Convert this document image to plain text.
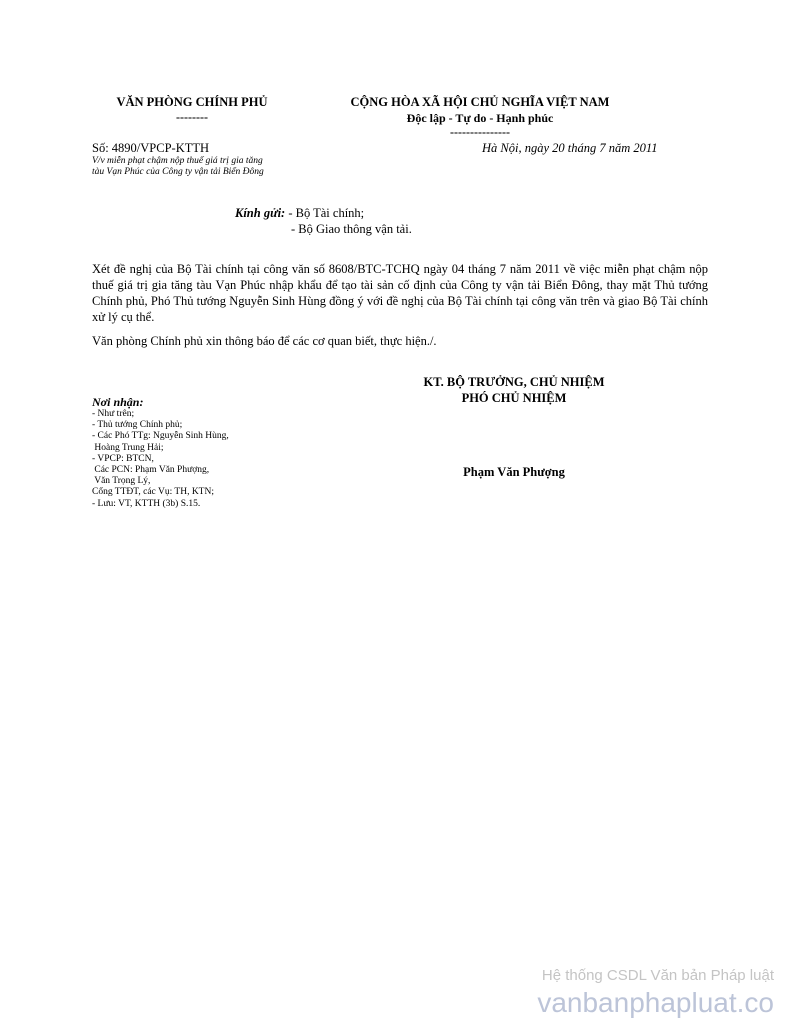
VĂN PHÒNG CHÍNH PHỦ
--------
CỘNG HÒA XÃ HỘI CHỦ NGHĨA VIỆT NAM
Độc lập - Tự do - Hạnh phúc
---------------
Số: 4890/VPCP-KTTH
V/v miễn phạt chậm nộp thuế giá trị gia tăng
tàu Vạn Phúc của Công ty vận tải Biển Đông
Hà Nội, ngày 20 tháng 7 năm 2011
Kính gửi: - Bộ Tài chính;
- Bộ Giao thông vận tải.

Xét đề nghị của Bộ Tài chính tại công văn số 8608/BTC-TCHQ ngày 04 tháng 7 năm 2011 về việc miễn phạt chậm nộp thuế giá trị gia tăng tàu Vạn Phúc nhập khẩu để tạo tài sản cố định của Công ty vận tải Biển Đông, thay mặt Thủ tướng Chính phủ, Phó Thủ tướng Nguyễn Sinh Hùng đồng ý với đề nghị của Bộ Tài chính tại công văn trên và giao Bộ Tài chính xử lý cụ thể.

Văn phòng Chính phủ xin thông báo để các cơ quan biết, thực hiện./.

KT. BỘ TRƯỞNG, CHỦ NHIỆM
PHÓ CHỦ NHIỆM
Phạm Văn Phượng
Nơi nhận:
- Như trên;
- Thủ tướng Chính phủ;
- Các Phó TTg: Nguyễn Sinh Hùng,
Hoàng Trung Hải;
- VPCP: BTCN,
Các PCN: Phạm Văn Phượng,
Văn Trọng Lý,
Cổng TTĐT, các Vụ: TH, KTN;
- Lưu: VT, KTTH (3b) S.15.
Hệ thống CSDL Văn bản Pháp luật
vanbanphapluat.co
